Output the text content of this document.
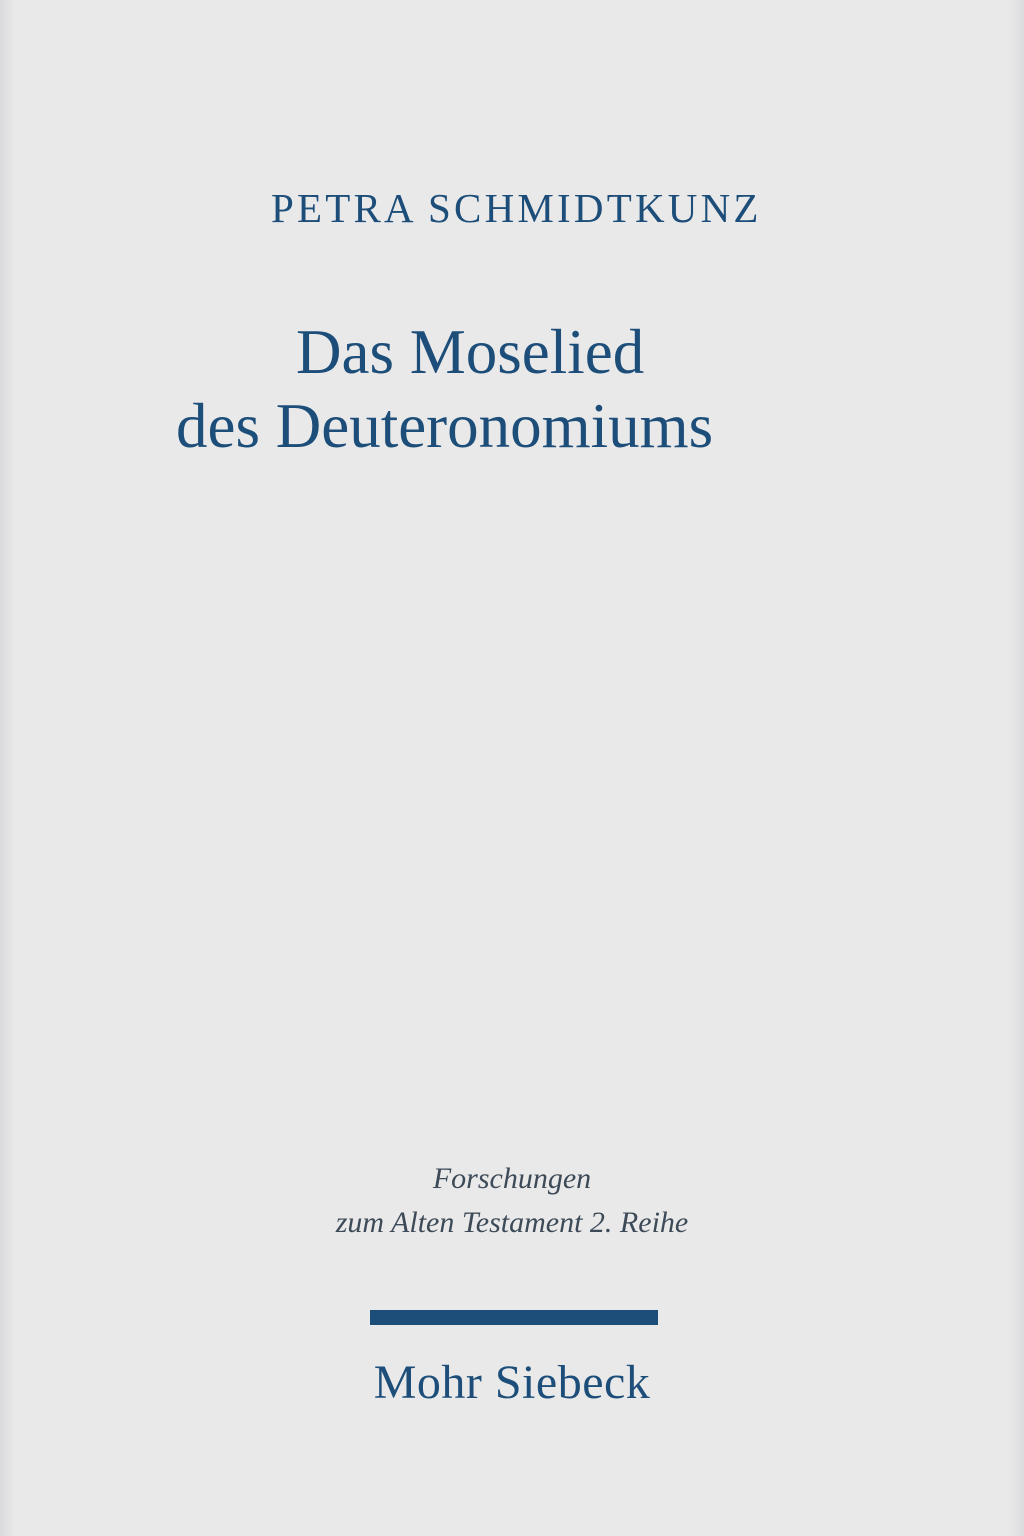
PETRA SCHMIDTKUNZ
Das Moselied
des Deuteronomiums
Forschungen
zum Alten Testament 2. Reihe
Mohr Siebeck
